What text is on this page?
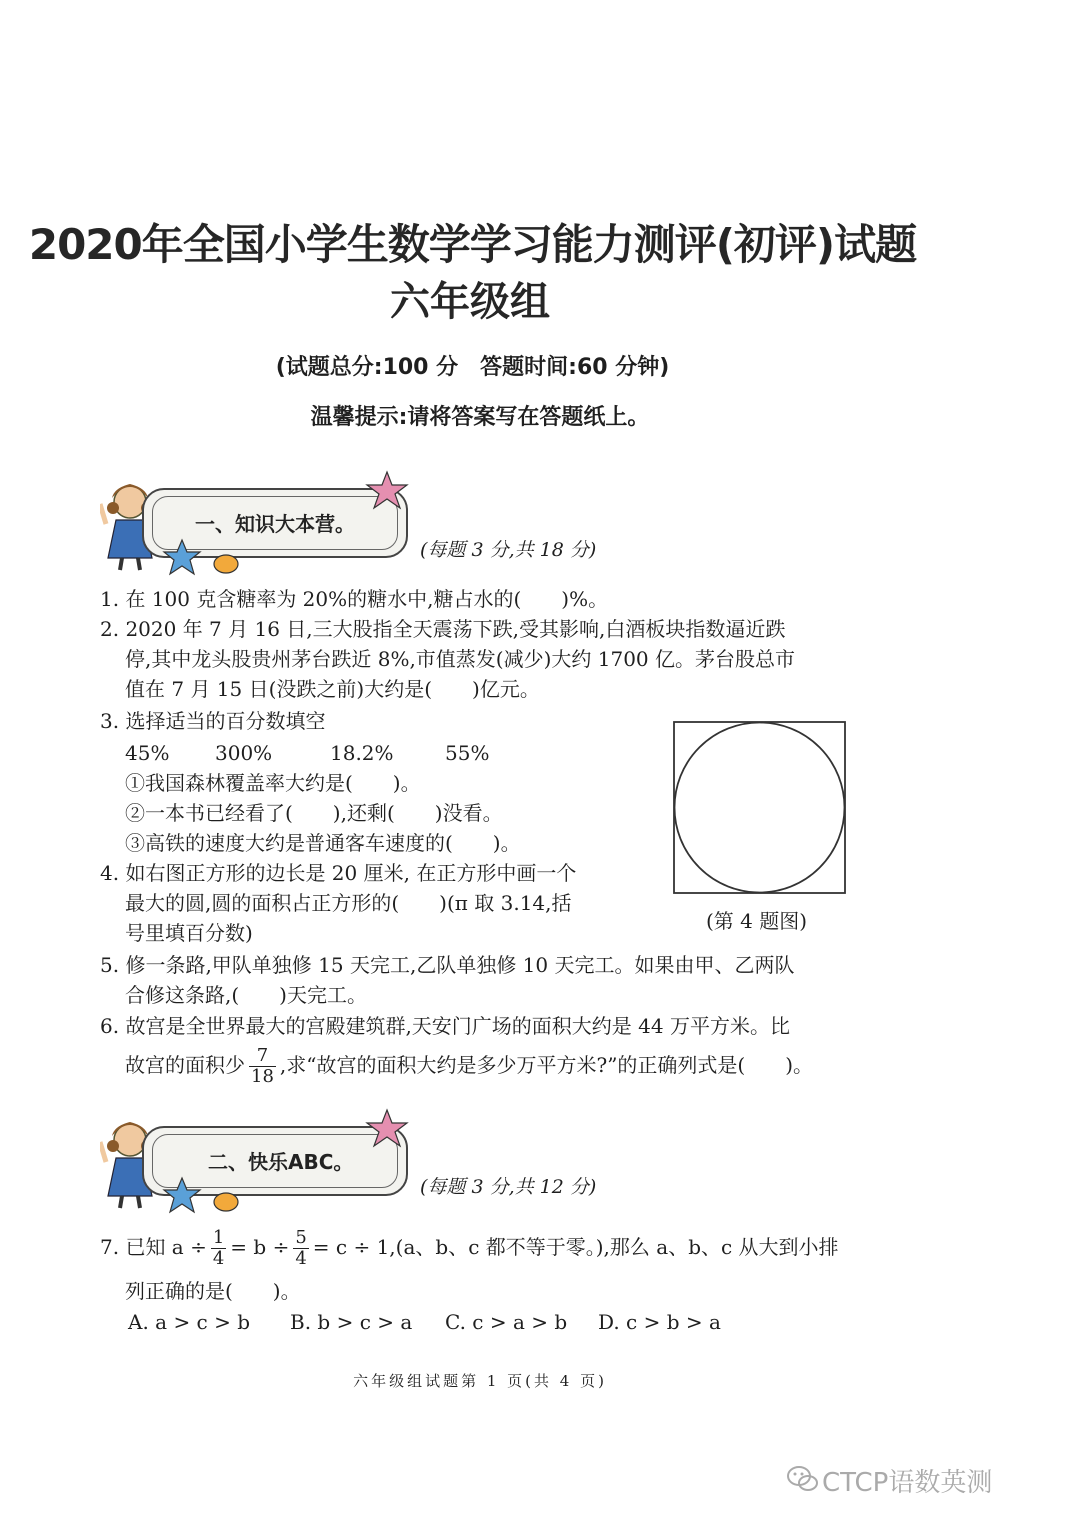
2020年全国小学生数学学习能力测评(初评)试题
六年级组
(试题总分:100 分　答题时间:60 分钟)
温馨提示:请将答案写在答题纸上。
一、知识大本营。
(每题 3 分,共 18 分)
1. 在 100 克含糖率为 20%的糖水中,糖占水的(　　)%。
2. 2020 年 7 月 16 日,三大股指全天震荡下跌,受其影响,白酒板块指数逼近跌
停,其中龙头股贵州茅台跌近 8%,市值蒸发(减少)大约 1700 亿。茅台股总市
值在 7 月 15 日(没跌之前)大约是(　　)亿元。
3. 选择适当的百分数填空
45% 300%	18.2%	55%
①我国森林覆盖率大约是(　　)。
②一本书已经看了(　　),还剩(　　)没看。
③高铁的速度大约是普通客车速度的(　　)。
(第 4 题图)
4. 如右图正方形的边长是 20 厘米, 在正方形中画一个
最大的圆,圆的面积占正方形的(　　)(π 取 3.14,括
号里填百分数)
5. 修一条路,甲队单独修 15 天完工,乙队单独修 10 天完工。如果由甲、乙两队
合修这条路,(　　)天完工。
6. 故宫是全世界最大的宫殿建筑群,天安门广场的面积大约是 44 万平方米。比
故宫的面积少 $\frac{7}{18}$ ,求“故宫的面积大约是多少万平方米?”的正确列式是(　　)。
二、快乐ABC。
(每题 3 分,共 12 分)
7. 已知 $a \div \frac{1}{4} = b \div \frac{5}{4} = c \div 1,(a$、b、c 都不等于零。),那么 a、b、c 从大到小排
列正确的是(　　)。
A. a > c > b B. b > c > a C. c > a > b D. c > b > a
六年级组试题第 1 页(共 4 页)
CTCP语数英测
